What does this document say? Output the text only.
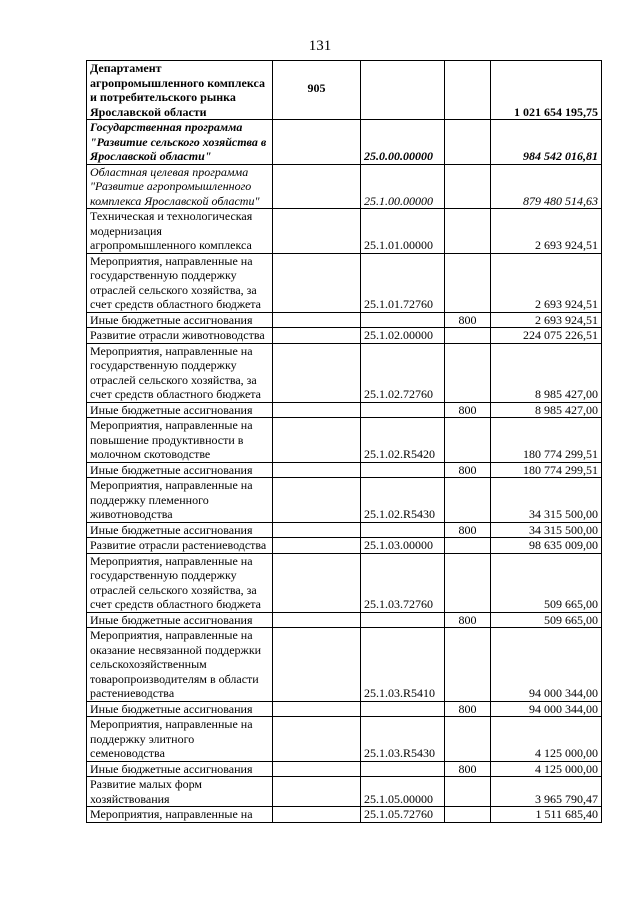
131
Департамент агропромышленного комплекса и потребительского рынка Ярославской области	905			1 021 654 195,75
Государственная программа "Развитие сельского хозяйства в Ярославской области"		25.0.00.00000		984 542 016,81
Областная целевая программа "Развитие агропромышленного комплекса Ярославской области"		25.1.00.00000		879 480 514,63
Техническая и технологическая модернизация агропромышленного комплекса		25.1.01.00000		2 693 924,51
Мероприятия, направленные на государственную поддержку отраслей сельского хозяйства, за счет средств областного бюджета		25.1.01.72760		2 693 924,51
Иные бюджетные ассигнования			800	2 693 924,51
Развитие отрасли животноводства		25.1.02.00000		224 075 226,51
Мероприятия, направленные на государственную поддержку отраслей сельского хозяйства, за счет средств областного бюджета		25.1.02.72760		8 985 427,00
Иные бюджетные ассигнования			800	8 985 427,00
Мероприятия, направленные на повышение продуктивности в молочном скотоводстве		25.1.02.R5420		180 774 299,51
Иные бюджетные ассигнования			800	180 774 299,51
Мероприятия, направленные на поддержку племенного животноводства		25.1.02.R5430		34 315 500,00
Иные бюджетные ассигнования			800	34 315 500,00
Развитие отрасли растениеводства		25.1.03.00000		98 635 009,00
Мероприятия, направленные на государственную поддержку отраслей сельского хозяйства, за счет средств областного бюджета		25.1.03.72760		509 665,00
Иные бюджетные ассигнования			800	509 665,00
Мероприятия, направленные на оказание несвязанной поддержки сельскохозяйственным товаропроизводителям в области растениеводства		25.1.03.R5410		94 000 344,00
Иные бюджетные ассигнования			800	94 000 344,00
Мероприятия, направленные на поддержку элитного семеноводства		25.1.03.R5430		4 125 000,00
Иные бюджетные ассигнования			800	4 125 000,00
Развитие малых форм хозяйствования		25.1.05.00000		3 965 790,47
Мероприятия, направленные на		25.1.05.72760		1 511 685,40
